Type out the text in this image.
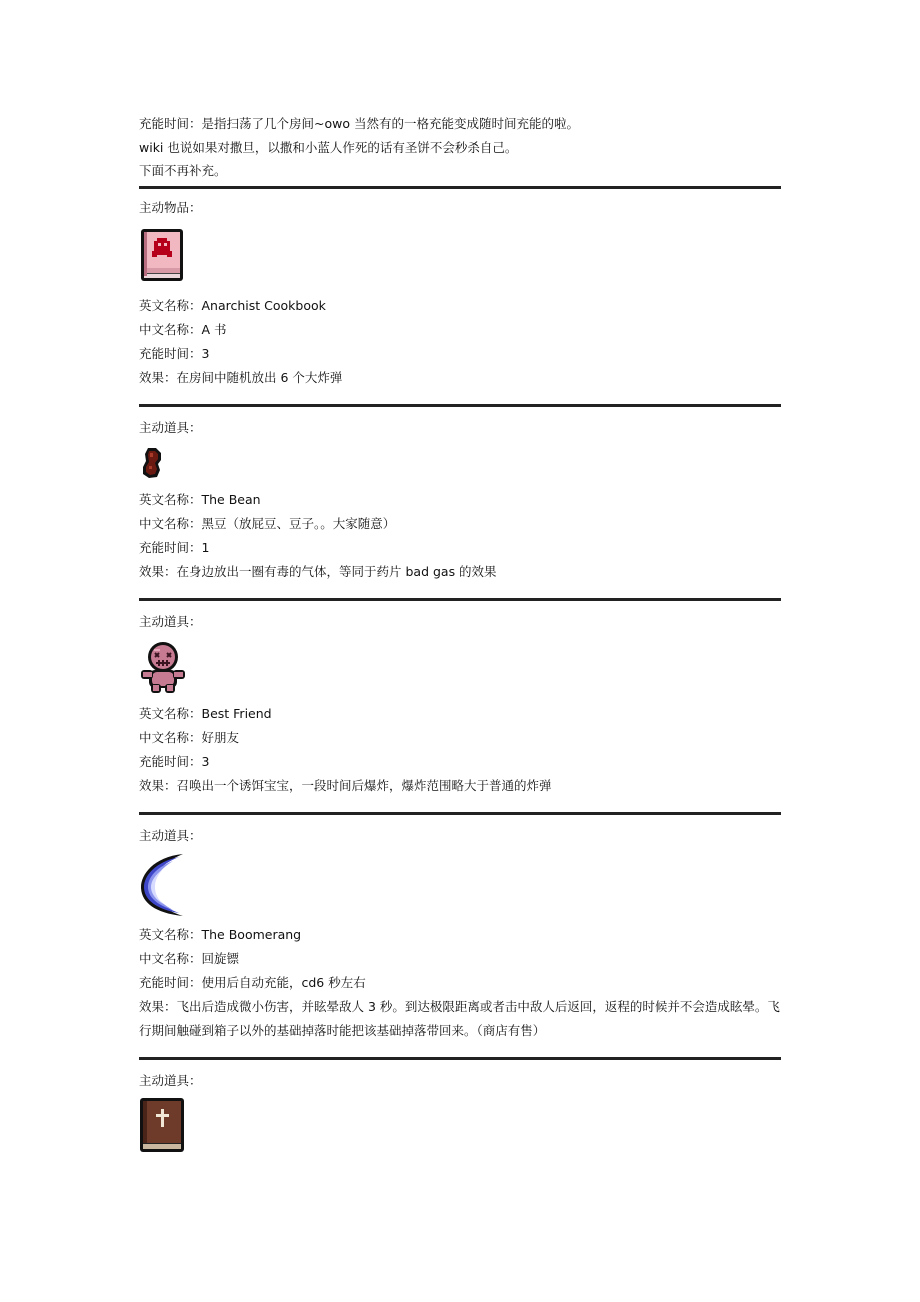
充能时间：是指扫荡了几个房间~owo 当然有的一格充能变成随时间充能的啦。
wiki 也说如果对撒旦，以撒和小蓝人作死的话有圣饼不会秒杀自己。
下面不再补充。
主动物品：
英文名称：Anarchist Cookbook
中文名称：A 书
充能时间：3
效果：在房间中随机放出 6 个大炸弹
主动道具：
英文名称：The Bean
中文名称：黑豆（放屁豆、豆子。。大家随意）
充能时间：1
效果：在身边放出一圈有毒的气体，等同于药片 bad gas 的效果
主动道具：
英文名称：Best Friend
中文名称：好朋友
充能时间：3
效果：召唤出一个诱饵宝宝，一段时间后爆炸，爆炸范围略大于普通的炸弹
主动道具：
英文名称：The Boomerang
中文名称：回旋镖
充能时间：使用后自动充能，cd6 秒左右
效果：飞出后造成微小伤害，并眩晕敌人 3 秒。到达极限距离或者击中敌人后返回，返程的时候并不会造成眩晕。飞行期间触碰到箱子以外的基础掉落时能把该基础掉落带回来。（商店有售）
主动道具：
